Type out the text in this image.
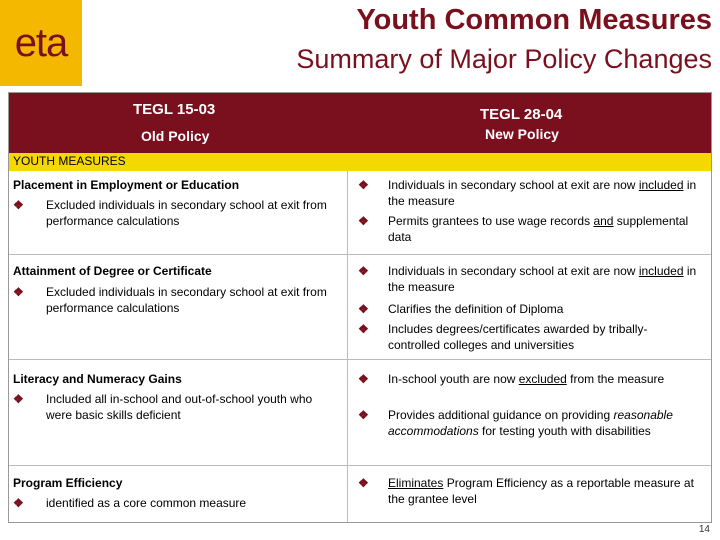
eta
Youth Common Measures
Summary of Major Policy Changes
TEGL 15-03
Old Policy
TEGL 28-04
New Policy
YOUTH MEASURES
Placement in Employment or Education
❖ Excluded individuals in secondary school at exit from performance calculations
❖ Individuals in secondary school at exit are now included in the measure
❖ Permits grantees to use wage records and supplemental data
Attainment of Degree or Certificate
❖ Excluded individuals in secondary school at exit from performance calculations
❖ Individuals in secondary school at exit are now included in the measure
❖ Clarifies the definition of Diploma
❖ Includes degrees/certificates awarded by tribally-controlled colleges and universities
Literacy and Numeracy Gains
❖ Included all in-school and out-of-school youth who were basic skills deficient
❖ In-school youth are now excluded from the measure
❖ Provides additional guidance on providing reasonable accommodations for testing youth with disabilities
Program Efficiency
❖ identified as a core common measure
❖ Eliminates Program Efficiency as a reportable measure at the grantee level
14
